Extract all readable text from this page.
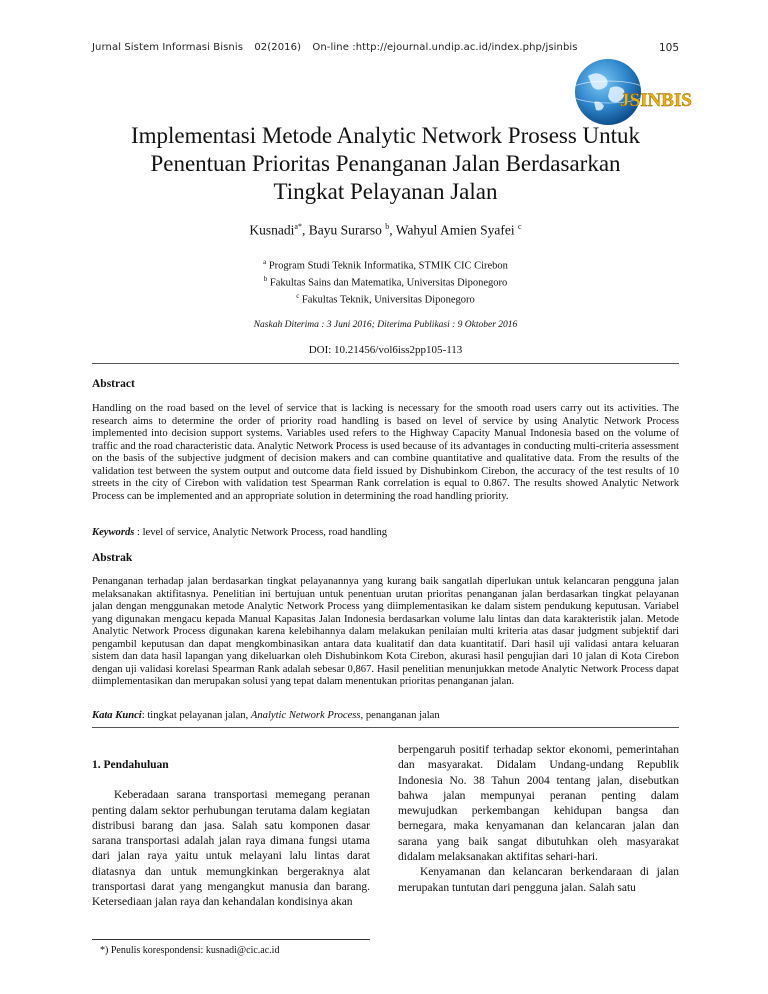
Jurnal Sistem Informasi Bisnis 02(2016) On-line :http://ejournal.undip.ac.id/index.php/jsinbis	105
JSINBIS
Implementasi Metode Analytic Network Prosess Untuk
Penentuan Prioritas Penanganan Jalan Berdasarkan
Tingkat Pelayanan Jalan
Kusnadi$^{a*}$, Bayu Surarso $^b$, Wahyul Amien Syafei $^c$
$^a$ Program Studi Teknik Informatika, STMIK CIC Cirebon
$^b$ Fakultas Sains dan Matematika, Universitas Diponegoro
$^c$ Fakultas Teknik, Universitas Diponegoro
Naskah Diterima : 3 Juni 2016; Diterima Publikasi : 9 Oktober 2016
DOI: 10.21456/vol6iss2pp105-113
Abstract
Handling on the road based on the level of service that is lacking is necessary for the smooth road users carry out its activities. The research aims to determine the order of priority road handling is based on level of service by using Analytic Network Process implemented into decision support systems. Variables used refers to the Highway Capacity Manual Indonesia based on the volume of traffic and the road characteristic data. Analytic Network Process is used because of its advantages in conducting multi-criteria assessment on the basis of the subjective judgment of decision makers and can combine quantitative and qualitative data. From the results of the validation test between the system output and outcome data field issued by Dishubinkom Cirebon, the accuracy of the test results of 10 streets in the city of Cirebon with validation test Spearman Rank correlation is equal to 0.867. The results showed Analytic Network Process can be implemented and an appropriate solution in determining the road handling priority.
Keywords : level of service, Analytic Network Process, road handling
Abstrak
Penanganan terhadap jalan berdasarkan tingkat pelayanannya yang kurang baik sangatlah diperlukan untuk kelancaran pengguna jalan melaksanakan aktifitasnya. Penelitian ini bertujuan untuk penentuan urutan prioritas penanganan jalan berdasarkan tingkat pelayanan jalan dengan menggunakan metode Analytic Network Process yang diimplementasikan ke dalam sistem pendukung keputusan. Variabel yang digunakan mengacu kepada Manual Kapasitas Jalan Indonesia berdasarkan volume lalu lintas dan data karakteristik jalan. Metode Analytic Network Process digunakan karena kelebihannya dalam melakukan penilaian multi kriteria atas dasar judgment subjektif dari pengambil keputusan dan dapat mengkombinasikan antara data kualitatif dan data kuantitatif. Dari hasil uji validasi antara keluaran sistem dan data hasil lapangan yang dikeluarkan oleh Dishubinkom Kota Cirebon, akurasi hasil pengujian dari 10 jalan di Kota Cirebon dengan uji validasi korelasi Spearman Rank adalah sebesar 0,867. Hasil penelitian menunjukkan metode Analytic Network Process dapat diimplementasikan dan merupakan solusi yang tepat dalam menentukan prioritas penanganan jalan.
Kata Kunci: tingkat pelayanan jalan, Analytic Network Process, penanganan jalan
1. Pendahuluan

Keberadaan sarana transportasi memegang peranan penting dalam sektor perhubungan terutama dalam kegiatan distribusi barang dan jasa. Salah satu komponen dasar sarana transportasi adalah jalan raya dimana fungsi utama dari jalan raya yaitu untuk melayani lalu lintas darat diatasnya dan untuk memungkinkan bergeraknya alat transportasi darat yang mengangkut manusia dan barang. Ketersediaan jalan raya dan kehandalan kondisinya akan

berpengaruh positif terhadap sektor ekonomi, pemerintahan dan masyarakat. Didalam Undang-undang Republik Indonesia No. 38 Tahun 2004 tentang jalan, disebutkan bahwa jalan mempunyai peranan penting dalam mewujudkan perkembangan kehidupan bangsa dan bernegara, maka kenyamanan dan kelancaran jalan dan sarana yang baik sangat dibutuhkan oleh masyarakat didalam melaksanakan aktifitas sehari-hari.

Kenyamanan dan kelancaran berkendaraan di jalan merupakan tuntutan dari pengguna jalan. Salah satu

*) Penulis korespondensi: kusnadi@cic.ac.id
